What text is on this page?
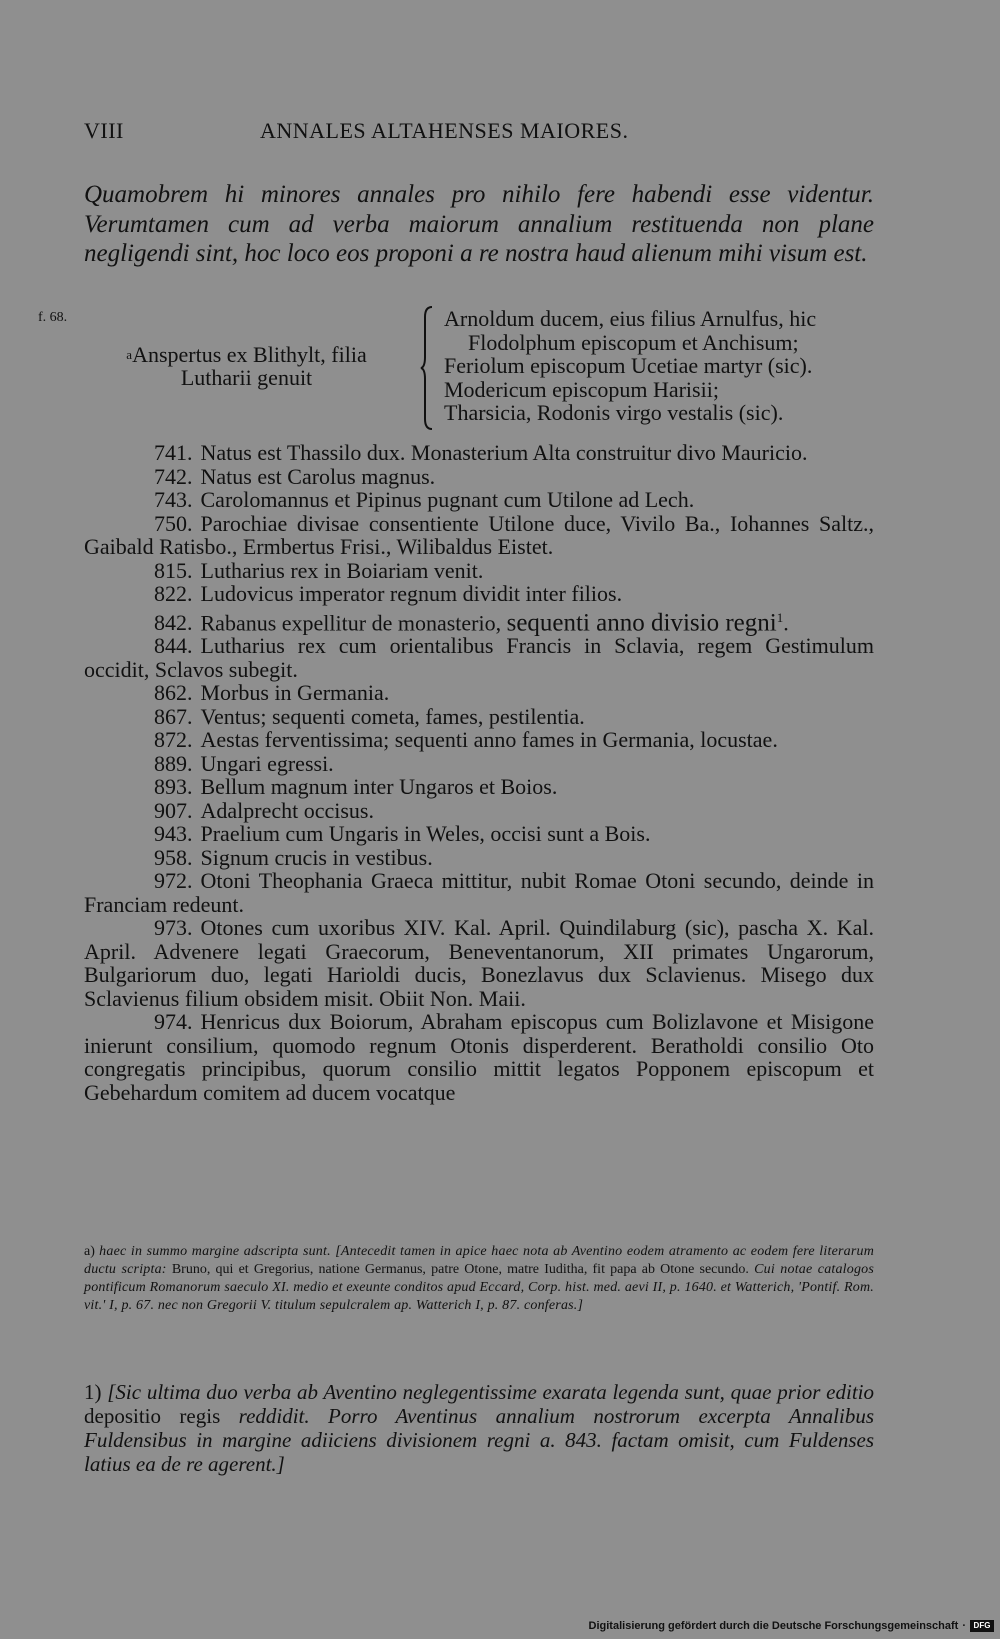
VIII	ANNALES ALTAHENSES MAIORES.
Quamobrem hi minores annales pro nihilo fere habendi esse videntur. Verumtamen cum ad verba maiorum annalium restituenda non plane negligendi sint, hoc loco eos proponi a re nostra haud alienum mihi visum est.
f. 68.
$^a$Anspertus ex Blithylt, filia
Lutharii genuit
Arnoldum ducem, eius filius Arnulfus, hic
Flodolphum episcopum et Anchisum;
Feriolum episcopum Ucetiae martyr (sic).
Modericum episcopum Harisii;
Tharsicia, Rodonis virgo vestalis (sic).
741. Natus est Thassilo dux. Monasterium Alta construitur divo Mauricio.
742. Natus est Carolus magnus.
743. Carolomannus et Pipinus pugnant cum Utilone ad Lech.
750. Parochiae divisae consentiente Utilone duce, Vivilo Ba., Iohannes Saltz., Gaibald Ratisbo., Ermbertus Frisi., Wilibaldus Eistet.
815. Lutharius rex in Boiariam venit.
822. Ludovicus imperator regnum dividit inter filios.
842. Rabanus expellitur de monasterio, sequenti anno divisio regni$^1$.
844. Lutharius rex cum orientalibus Francis in Sclavia, regem Gestimulum occidit, Sclavos subegit.
862. Morbus in Germania.
867. Ventus; sequenti cometa, fames, pestilentia.
872. Aestas ferventissima; sequenti anno fames in Germania, locustae.
889. Ungari egressi.
893. Bellum magnum inter Ungaros et Boios.
907. Adalprecht occisus.
943. Praelium cum Ungaris in Weles, occisi sunt a Bois.
958. Signum crucis in vestibus.
972. Otoni Theophania Graeca mittitur, nubit Romae Otoni secundo, deinde in Franciam redeunt.
973. Otones cum uxoribus XIV. Kal. April. Quindilaburg (sic), pascha X. Kal. April. Advenere legati Graecorum, Beneventanorum, XII primates Ungarorum, Bulgariorum duo, legati Harioldi ducis, Bonezlavus dux Sclavienus. Misego dux Sclavienus filium obsidem misit. Obiit Non. Maii.
974. Henricus dux Boiorum, Abraham episcopus cum Bolizlavone et Misigone inierunt consilium, quomodo regnum Otonis disperderent. Beratholdi consilio Oto congregatis principibus, quorum consilio mittit legatos Popponem episcopum et Gebehardum comitem ad ducem vocatque
a) haec in summo margine adscripta sunt. [Antecedit tamen in apice haec nota ab Aventino eodem atramento ac eodem fere literarum ductu scripta: Bruno, qui et Gregorius, natione Germanus, patre Otone, matre Iuditha, fit papa ab Otone secundo. Cui notae catalogos pontificum Romanorum saeculo XI. medio et exeunte conditos apud Eccard, Corp. hist. med. aevi II, p. 1640. et Watterich, 'Pontif. Rom. vit.' I, p. 67. nec non Gregorii V. titulum sepulcralem ap. Watterich I, p. 87. conferas.]
1) [Sic ultima duo verba ab Aventino neglegentissime exarata legenda sunt, quae prior editio depositio regis reddidit. Porro Aventinus annalium nostrorum excerpta Annalibus Fuldensibus in margine adiiciens divisionem regni a. 843. factam omisit, cum Fuldenses latius ea de re agerent.]
Digitalisierung gefördert durch die Deutsche Forschungsgemeinschaft · DFG
